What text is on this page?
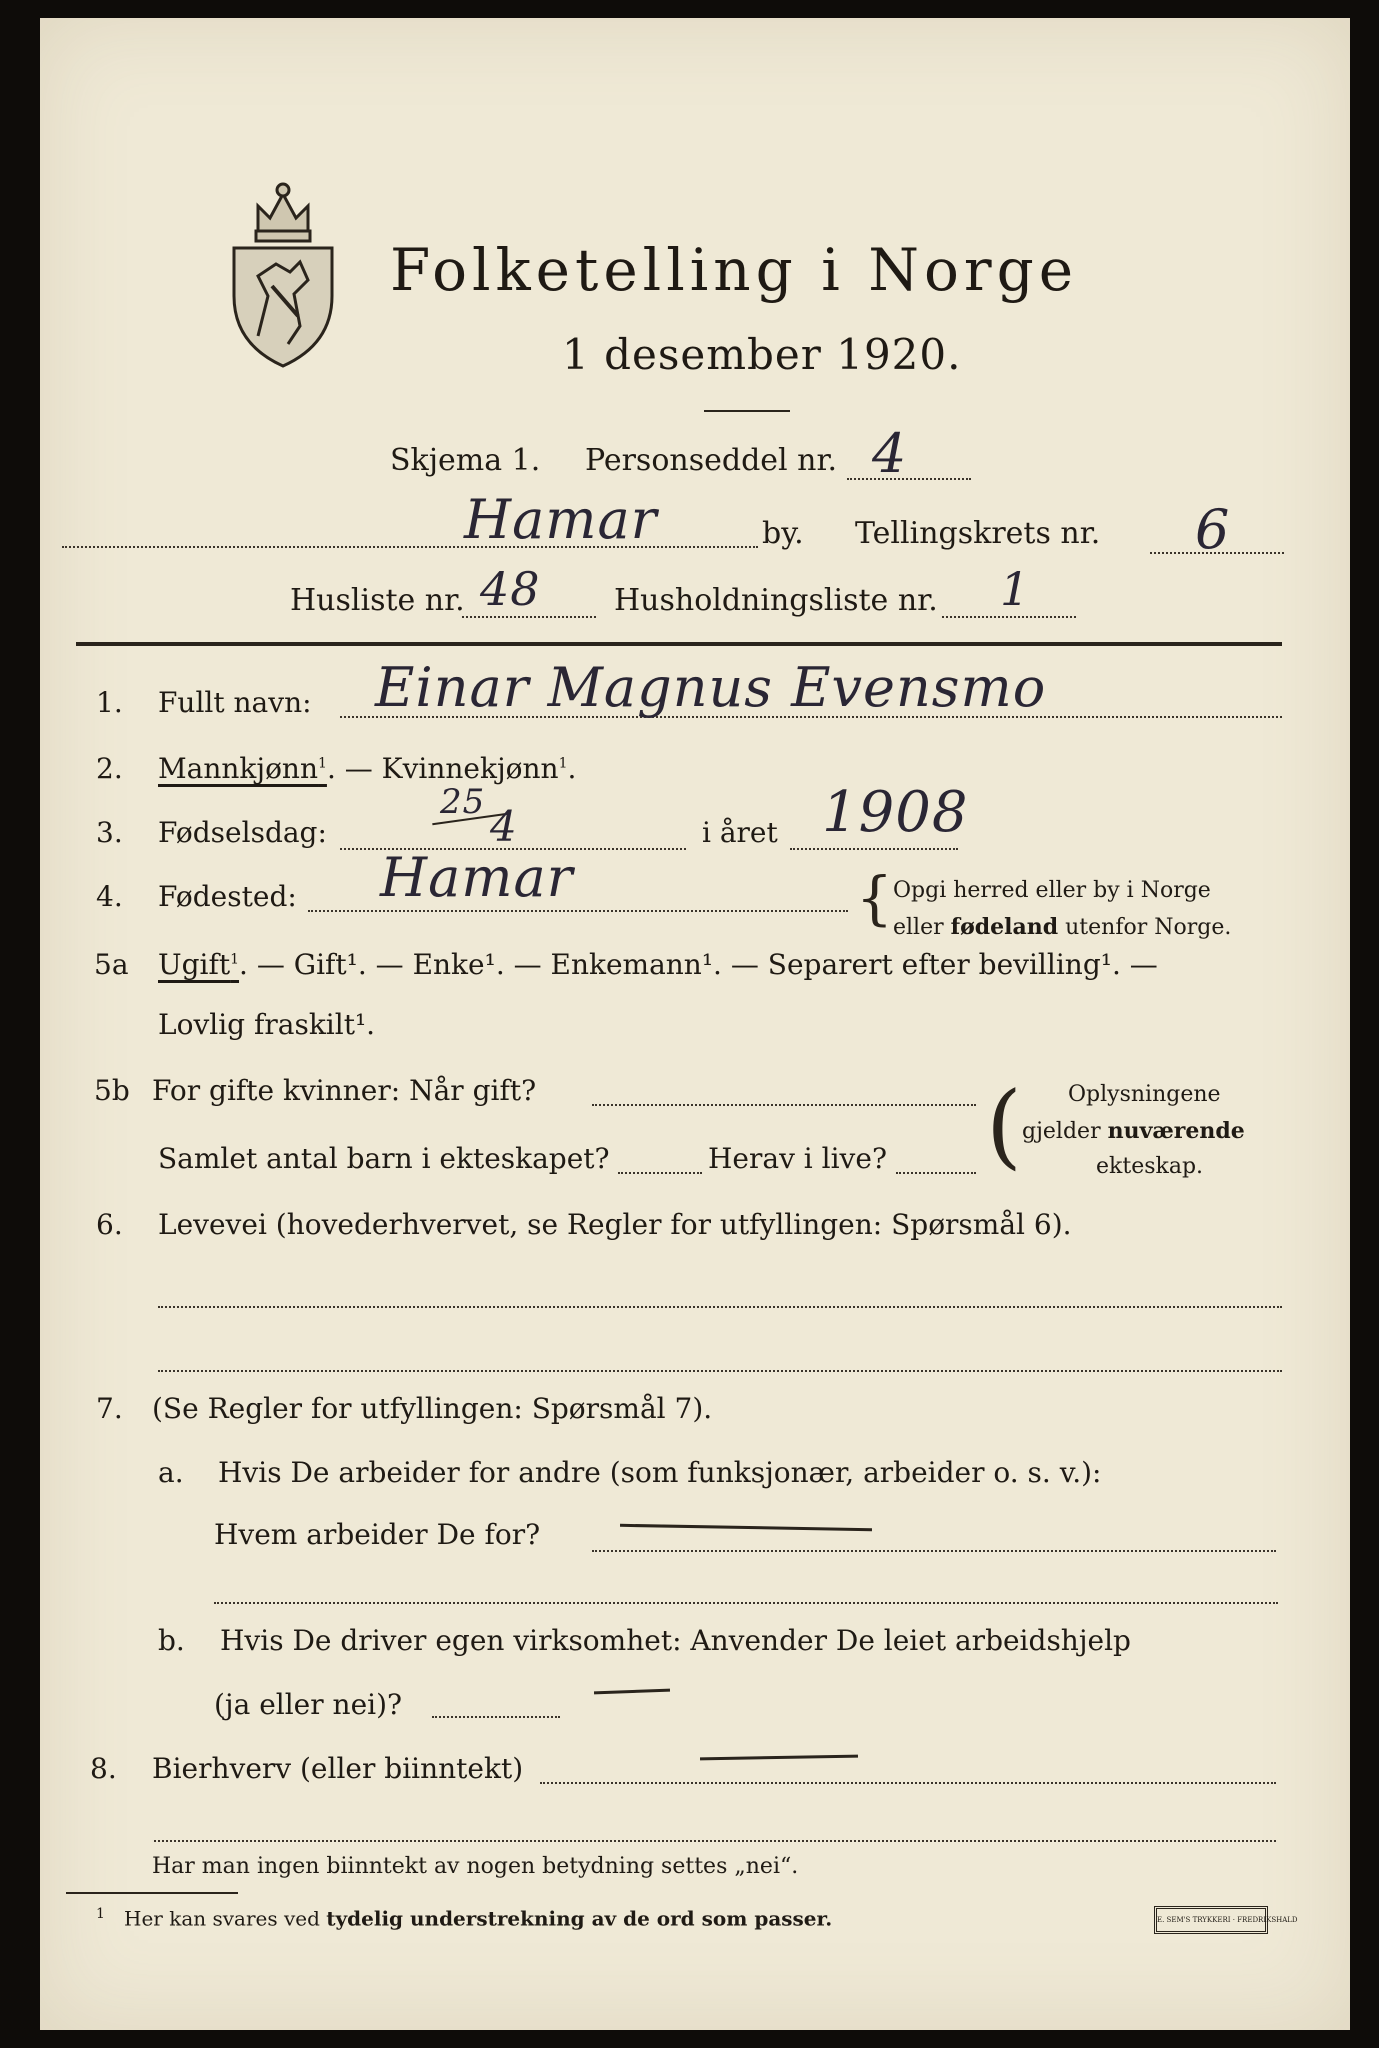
Folketelling i Norge
1 desember 1920.
Skjema 1. Personseddel nr. 4
Hamar	by. Tellingskrets nr. 6
Husliste nr. 48 Husholdningsliste nr. 1
1. Fullt navn: Einar Magnus Evensmo
2. Mannkjønn$^1$. — Kvinnekjønn$^1$.
3. Fødselsdag:
25 4	i året 1908
4. Fødested: Hamar	{ Opgi herred eller by i Norge
eller fødeland utenfor Norge.
5a Ugift$^1$. — Gift¹. — Enke¹. — Enkemann¹. — Separert efter bevilling¹. —
Lovlig fraskilt¹.
5b For gifte kvinner: Når gift?
Samlet antal barn i ekteskapet?	Herav i live? ( Oplysningene
gjelder nuværende
ekteskap.
6. Levevei (hovederhvervet, se Regler for utfyllingen: Spørsmål 6).
7. (Se Regler for utfyllingen: Spørsmål 7).
a. Hvis De arbeider for andre (som funksjonær, arbeider o. s. v.):
Hvem arbeider De for?
b. Hvis De driver egen virksomhet: Anvender De leiet arbeidshjelp
(ja eller nei)?
8. Bierhverv (eller biinntekt)
Har man ingen biinntekt av nogen betydning settes „nei“.
$^1$ Her kan svares ved tydelig understrekning av de ord som passer.	E. SEM'S TRYKKERI · FREDRIKSHALD
